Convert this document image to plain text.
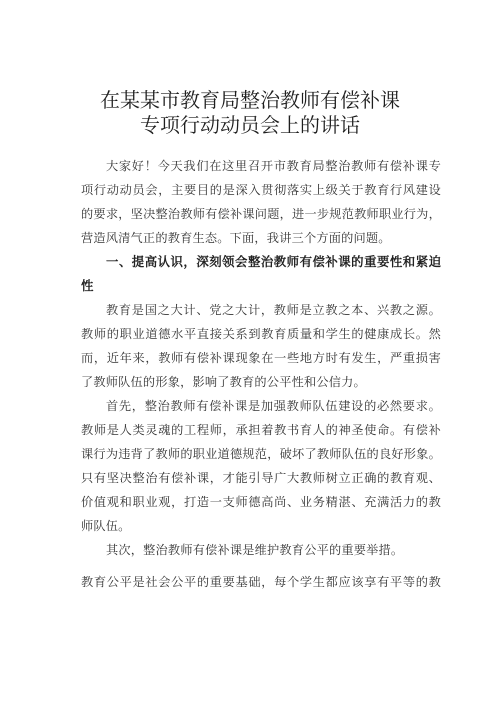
在某某市教育局整治教师有偿补课
专项行动动员会上的讲话
大家好！今天我们在这里召开市教育局整治教师有偿补课专
项行动动员会，主要目的是深入贯彻落实上级关于教育行风建设
的要求，坚决整治教师有偿补课问题，进一步规范教师职业行为，
营造风清气正的教育生态。下面，我讲三个方面的问题。
一、提高认识，深刻领会整治教师有偿补课的重要性和紧迫
性
教育是国之大计、党之大计，教师是立教之本、兴教之源。
教师的职业道德水平直接关系到教育质量和学生的健康成长。然
而，近年来，教师有偿补课现象在一些地方时有发生，严重损害
了教师队伍的形象，影响了教育的公平性和公信力。
首先，整治教师有偿补课是加强教师队伍建设的必然要求。
教师是人类灵魂的工程师，承担着教书育人的神圣使命。有偿补
课行为违背了教师的职业道德规范，破坏了教师队伍的良好形象。
只有坚决整治有偿补课，才能引导广大教师树立正确的教育观、
价值观和职业观，打造一支师德高尚、业务精湛、充满活力的教
师队伍。
其次，整治教师有偿补课是维护教育公平的重要举措。
教育公平是社会公平的重要基础，每个学生都应该享有平等的教
